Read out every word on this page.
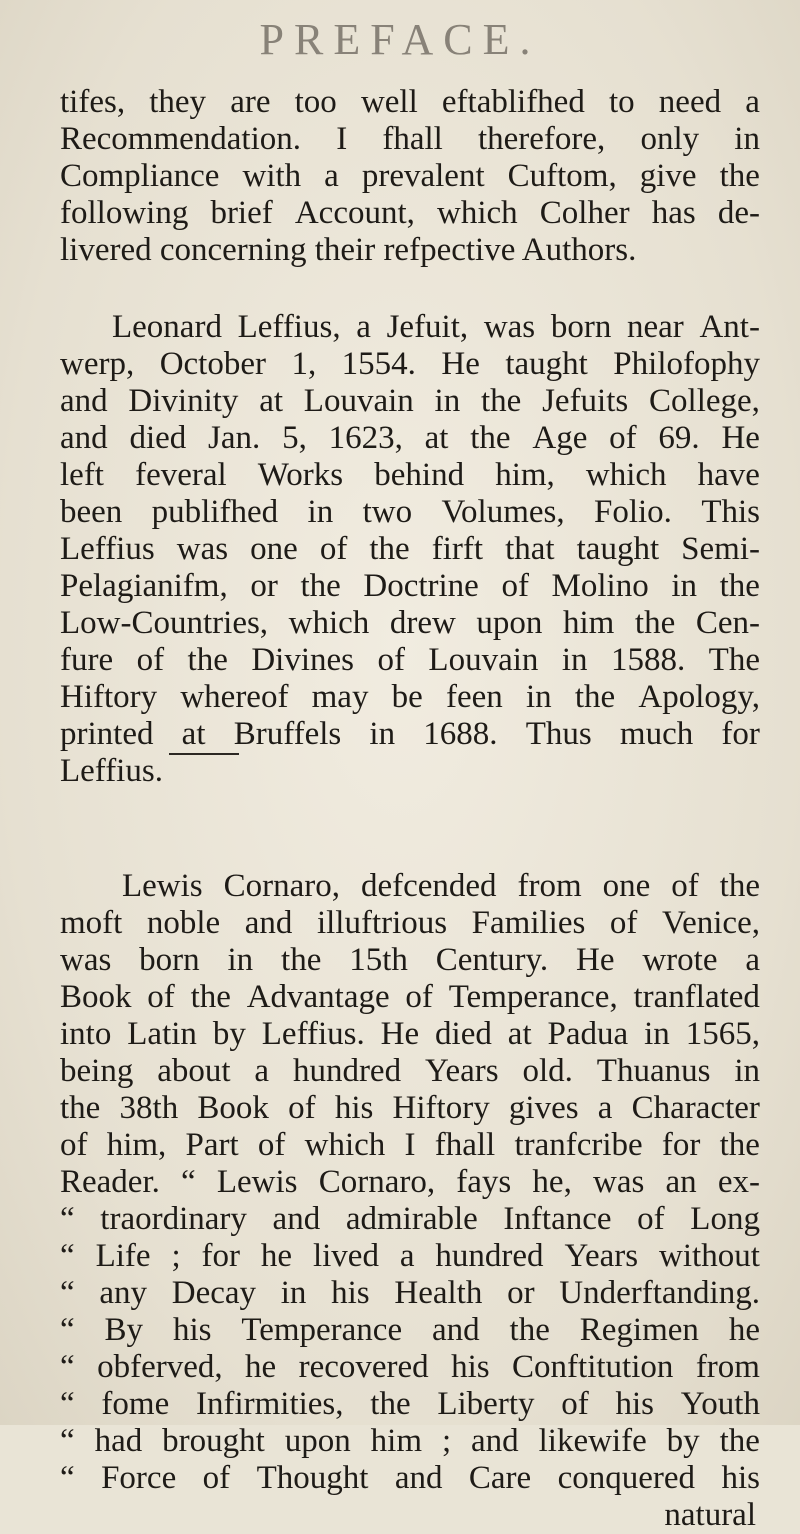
PREFACE.
tifes, they are too well eftablifhed to need a
Recommendation. I fhall therefore, only in
Compliance with a prevalent Cuftom, give the
following brief Account, which Colher has de-
livered concerning their refpective Authors.
Leonard Leffius, a Jefuit, was born near Ant-
werp, October 1, 1554. He taught Philofophy
and Divinity at Louvain in the Jefuits College,
and died Jan. 5, 1623, at the Age of 69. He
left feveral Works behind him, which have
been publifhed in two Volumes, Folio. This
Leffius was one of the firft that taught Semi-
Pelagianifm, or the Doctrine of Molino in the
Low-Countries, which drew upon him the Cen-
fure of the Divines of Louvain in 1588. The
Hiftory whereof may be feen in the Apology,
printed at Bruffels in 1688. Thus much for
Leffius.
Lewis Cornaro, defcended from one of the
moft noble and illuftrious Families of Venice,
was born in the 15th Century. He wrote a
Book of the Advantage of Temperance, tranflated
into Latin by Leffius. He died at Padua in 1565,
being about a hundred Years old. Thuanus in
the 38th Book of his Hiftory gives a Character
of him, Part of which I fhall tranfcribe for the
Reader. “ Lewis Cornaro, fays he, was an ex-
“ traordinary and admirable Inftance of Long
“ Life ; for he lived a hundred Years without
“ any Decay in his Health or Underftanding.
“ By his Temperance and the Regimen he
“ obferved, he recovered his Conftitution from
“ fome Infirmities, the Liberty of his Youth
“ had brought upon him ; and likewife by the
“ Force of Thought and Care conquered his
natural
